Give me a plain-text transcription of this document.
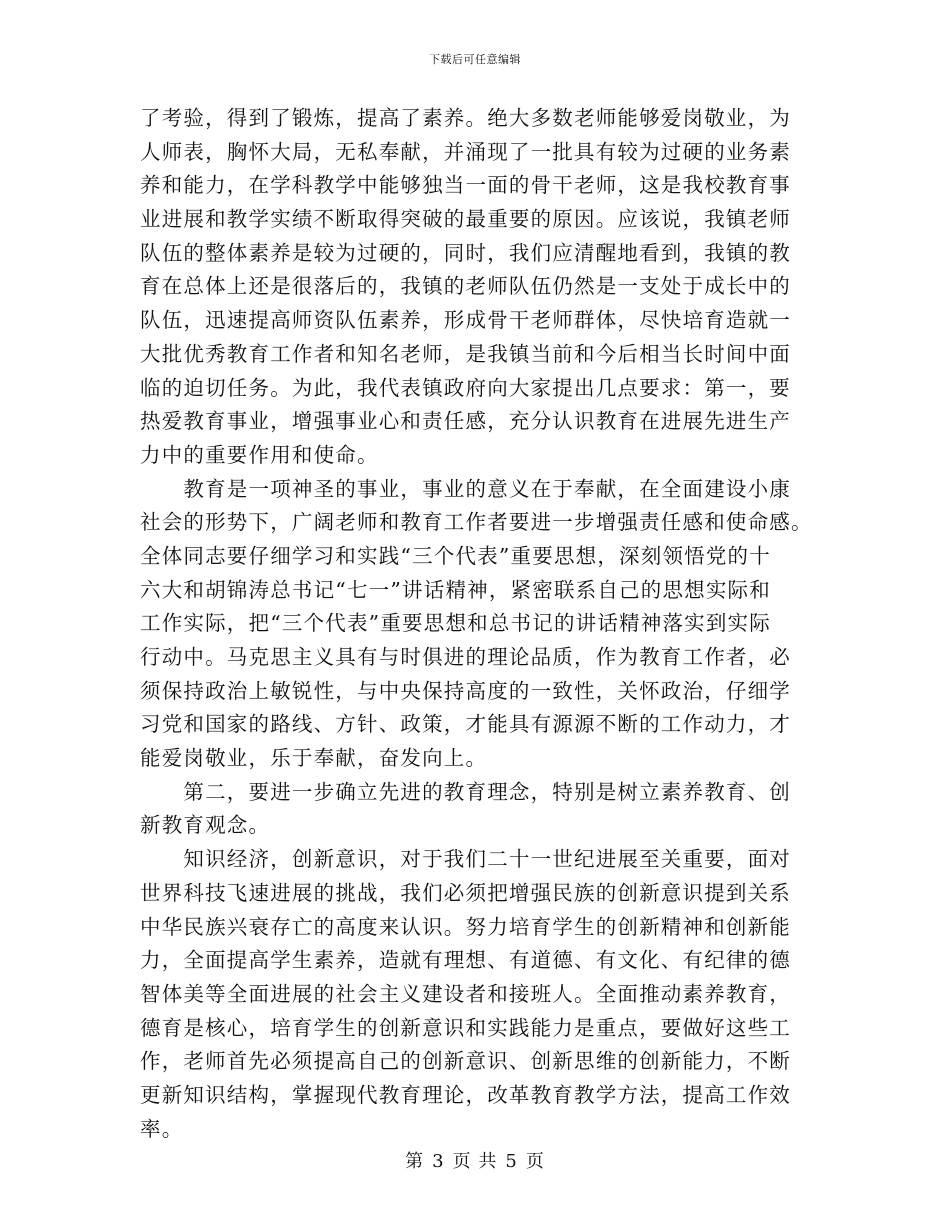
下载后可任意编辑
了考验，得到了锻炼，提高了素养。绝大多数老师能够爱岗敬业，为
人师表，胸怀大局，无私奉献，并涌现了一批具有较为过硬的业务素
养和能力，在学科教学中能够独当一面的骨干老师，这是我校教育事
业进展和教学实绩不断取得突破的最重要的原因。应该说，我镇老师
队伍的整体素养是较为过硬的，同时，我们应清醒地看到，我镇的教
育在总体上还是很落后的，我镇的老师队伍仍然是一支处于成长中的
队伍，迅速提高师资队伍素养，形成骨干老师群体，尽快培育造就一
大批优秀教育工作者和知名老师，是我镇当前和今后相当长时间中面
临的迫切任务。为此，我代表镇政府向大家提出几点要求：第一，要
热爱教育事业，增强事业心和责任感，充分认识教育在进展先进生产
力中的重要作用和使命。
　　教育是一项神圣的事业，事业的意义在于奉献，在全面建设小康
社会的形势下，广阔老师和教育工作者要进一步增强责任感和使命感。
全体同志要仔细学习和实践“三个代表”重要思想，深刻领悟党的十
六大和胡锦涛总书记“七一”讲话精神，紧密联系自己的思想实际和
工作实际，把“三个代表”重要思想和总书记的讲话精神落实到实际
行动中。马克思主义具有与时俱进的理论品质，作为教育工作者，必
须保持政治上敏锐性，与中央保持高度的一致性，关怀政治，仔细学
习党和国家的路线、方针、政策，才能具有源源不断的工作动力，才
能爱岗敬业，乐于奉献，奋发向上。
　　第二，要进一步确立先进的教育理念，特别是树立素养教育、创
新教育观念。
　　知识经济，创新意识，对于我们二十一世纪进展至关重要，面对
世界科技飞速进展的挑战，我们必须把增强民族的创新意识提到关系
中华民族兴衰存亡的高度来认识。努力培育学生的创新精神和创新能
力，全面提高学生素养，造就有理想、有道德、有文化、有纪律的德
智体美等全面进展的社会主义建设者和接班人。全面推动素养教育，
德育是核心，培育学生的创新意识和实践能力是重点，要做好这些工
作，老师首先必须提高自己的创新意识、创新思维的创新能力，不断
更新知识结构，掌握现代教育理论，改革教育教学方法，提高工作效
率。
第 3 页 共 5 页
